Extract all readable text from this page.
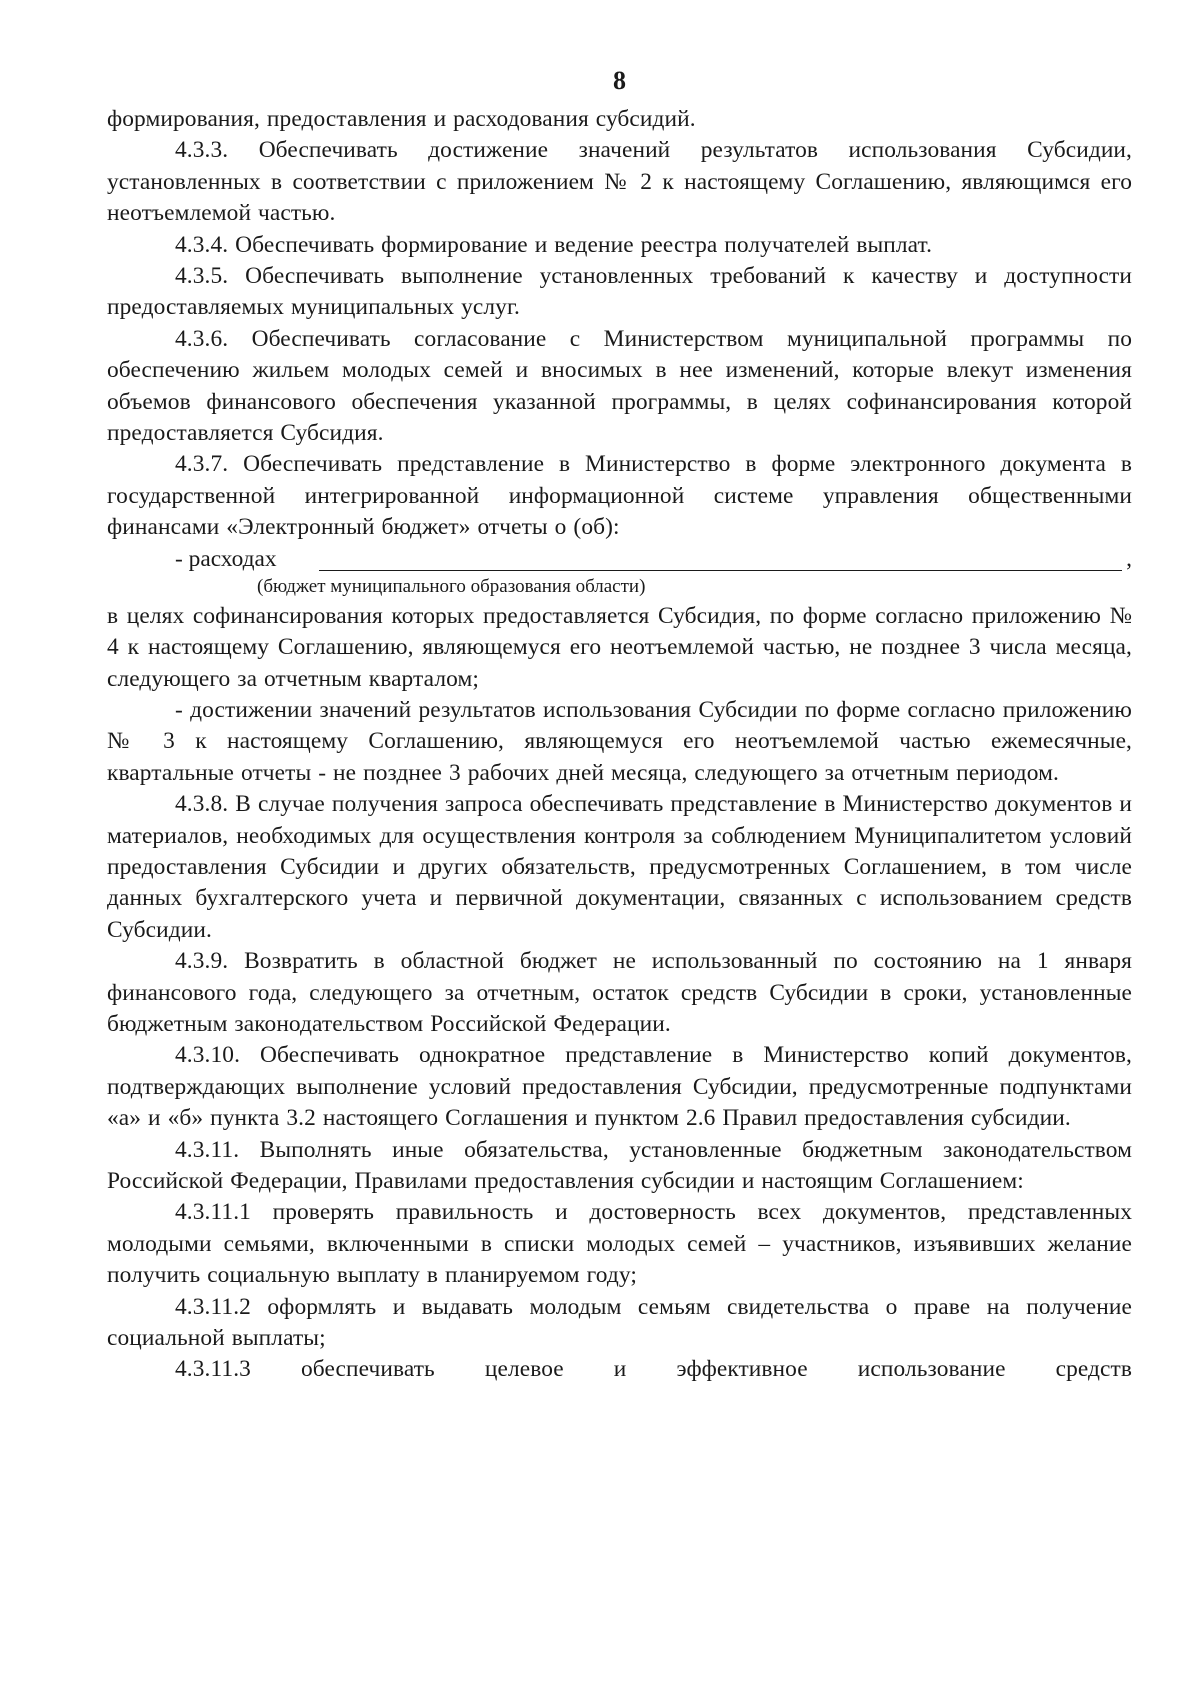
8

формирования, предоставления и расходования субсидий.

4.3.3. Обеспечивать достижение значений результатов использования Субсидии, установленных в соответствии с приложением № 2 к настоящему Соглашению, являющимся его неотъемлемой частью.

4.3.4. Обеспечивать формирование и ведение реестра получателей выплат.

4.3.5. Обеспечивать выполнение установленных требований к качеству и доступности предоставляемых муниципальных услуг.

4.3.6. Обеспечивать согласование с Министерством муниципальной программы по обеспечению жильем молодых семей и вносимых в нее изменений, которые влекут изменения объемов финансового обеспечения указанной программы, в целях софинансирования которой предоставляется Субсидия.

4.3.7. Обеспечивать представление в Министерство в форме электронного документа в государственной интегрированной информационной системе управления общественными финансами «Электронный бюджет» отчеты о (об):

- расходах	,

(бюджет муниципального образования области)

в целях софинансирования которых предоставляется Субсидия, по форме согласно приложению № 4 к настоящему Соглашению, являющемуся его неотъемлемой частью, не позднее 3 числа месяца, следующего за отчетным кварталом;

- достижении значений результатов использования Субсидии по форме согласно приложению № 3 к настоящему Соглашению, являющемуся его неотъемлемой частью ежемесячные, квартальные отчеты - не позднее 3 рабочих дней месяца, следующего за отчетным периодом.

4.3.8. В случае получения запроса обеспечивать представление в Министерство документов и материалов, необходимых для осуществления контроля за соблюдением Муниципалитетом условий предоставления Субсидии и других обязательств, предусмотренных Соглашением, в том числе данных бухгалтерского учета и первичной документации, связанных с использованием средств Субсидии.

4.3.9. Возвратить в областной бюджет не использованный по состоянию на 1 января финансового года, следующего за отчетным, остаток средств Субсидии в сроки, установленные бюджетным законодательством Российской Федерации.

4.3.10. Обеспечивать однократное представление в Министерство копий документов, подтверждающих выполнение условий предоставления Субсидии, предусмотренные подпунктами «а» и «б» пункта 3.2 настоящего Соглашения и пунктом 2.6 Правил предоставления субсидии.

4.3.11. Выполнять иные обязательства, установленные бюджетным законодательством Российской Федерации, Правилами предоставления субсидии и настоящим Соглашением:

4.3.11.1 проверять правильность и достоверность всех документов, представленных молодыми семьями, включенными в списки молодых семей – участников, изъявивших желание получить социальную выплату в планируемом году;

4.3.11.2 оформлять и выдавать молодым семьям свидетельства о праве на получение социальной выплаты;

4.3.11.3 обеспечивать целевое и эффективное использование средств
